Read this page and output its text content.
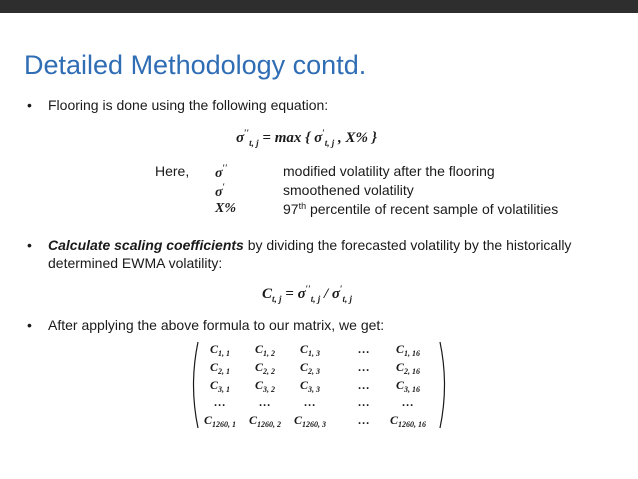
Detailed Methodology contd.
• Flooring is done using the following equation:
$\sigma''_{t, j} = \max$ { $\sigma'_{t, j}$ , X% }
Here, σ′′	modified volatility after the flooring
σ′	smoothened volatility
X%	97th percentile of recent sample of volatilities
• Calculate scaling coefficients by dividing the forecasted volatility by the historically
determined EWMA volatility:
$C_{t, j} = \sigma''_{t, j} / \sigma'_{t, j}$
• After applying the above formula to our matrix, we get:
$C_{1, 1}$ $C_{1, 2}$ $C_{1, 3}$	… $C_{1, 16}$
$C_{2, 1}$ $C_{2, 2}$ $C_{2, 3}$	… $C_{2, 16}$
$C_{3, 1}$ $C_{3, 2}$ $C_{3, 3}$	… $C_{3, 16}$
…	…	…	…	…
$C_{1260, 1}$ $C_{1260, 2}$ $C_{1260, 3}$	… $C_{1260, 16}$
